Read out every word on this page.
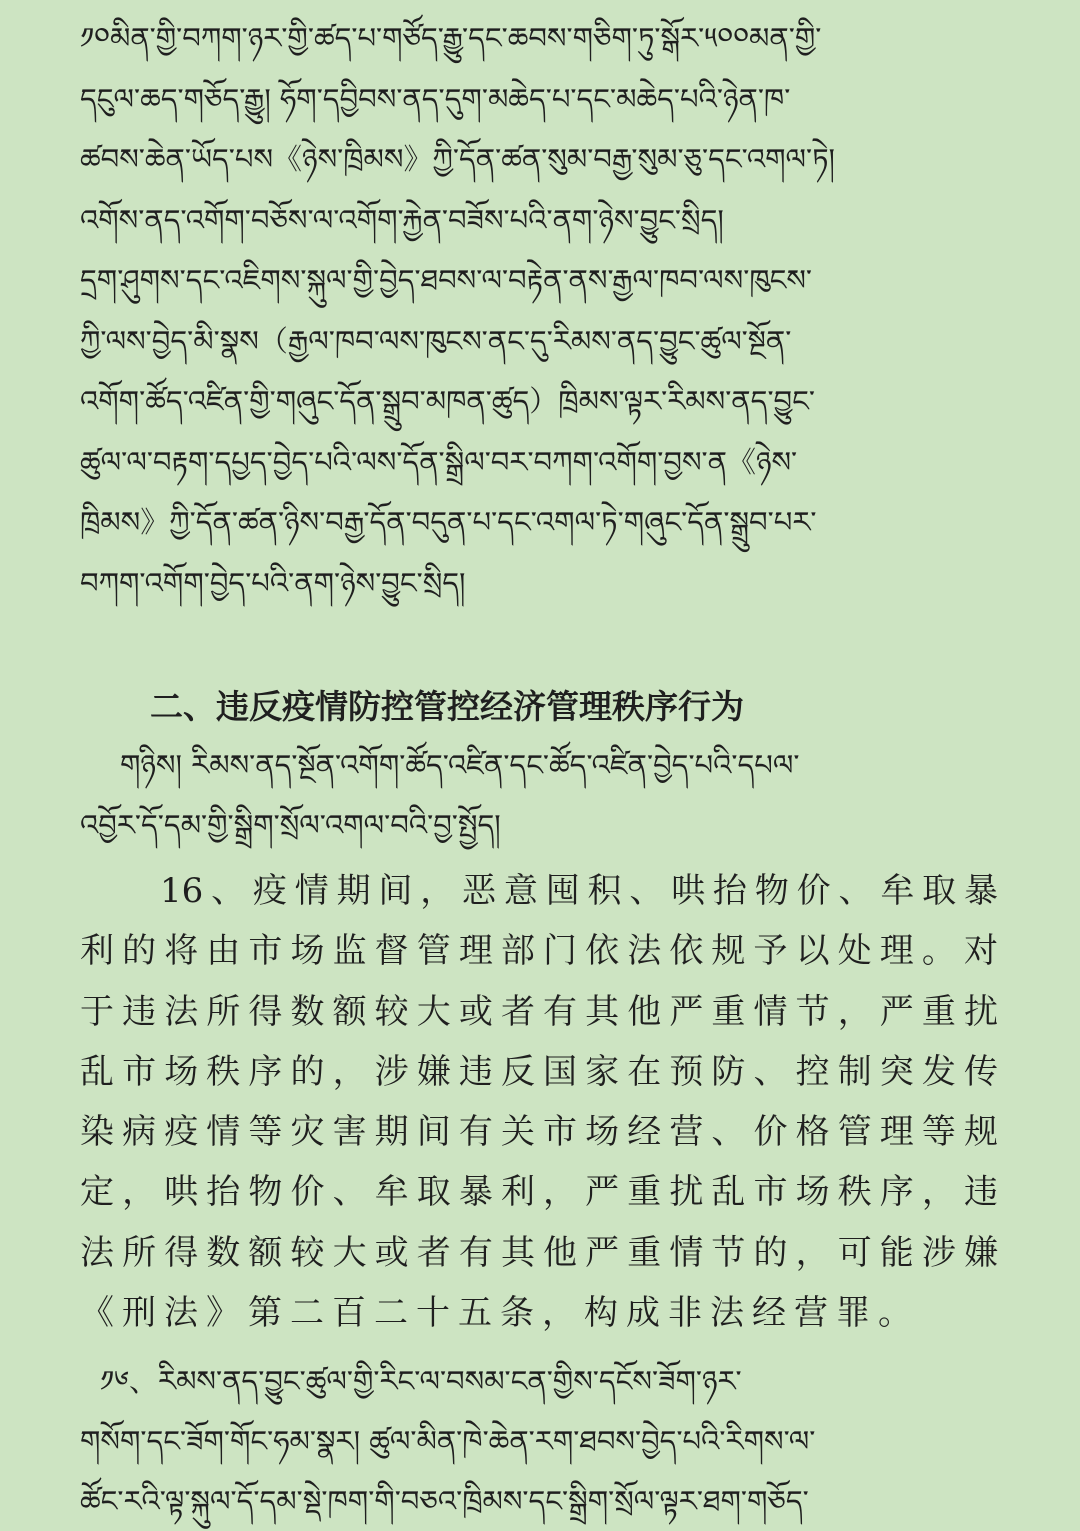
༡༠མིན་གྱི་བཀག་ཉར་གྱི་ཚད་པ་གཙོད་རྒྱུ་དང་ཆབས་གཅིག་ཏུ་སྒོར་༥༠༠མན་གྱི་

དངུལ་ཆད་གཅོད་རྒྱུ། ཧོག་དབྱིབས་ནད་དུག་མཆེད་པ་དང་མཆེད་པའི་ཉེན་ཁ་

ཚབས་ཆེན་ཡོད་པས《ཉེས་ཁྲིམས》ཀྱི་དོན་ཚན་སུམ་བརྒྱ་སུམ་ཅུ་དང་འགལ་ཏེ།

འགོས་ནད་འགོག་བཅོས་ལ་འགོག་རྐྱེན་བཟོས་པའི་ནག་ཉེས་བྱུང་སྲིད།

དྲག་ཤུགས་དང་འཇིགས་སྐུལ་གྱི་བྱེད་ཐབས་ལ་བརྟེན་ནས་རྒྱལ་ཁབ་ལས་ཁུངས་

ཀྱི་ལས་བྱེད་མི་སྣས（རྒྱལ་ཁབ་ལས་ཁུངས་ནང་དུ་རིམས་ནད་བྱུང་ཚུལ་སྔོན་

འགོག་ཚོད་འཛིན་གྱི་གཞུང་དོན་སྒྲུབ་མཁན་ཚུད）ཁྲིམས་ལྟར་རིམས་ནད་བྱུང་

ཚུལ་ལ་བརྟག་དཔྱད་བྱེད་པའི་ལས་དོན་སྒྲིལ་བར་བཀག་འགོག་བྱས་ན《ཉེས་

ཁྲིམས》ཀྱི་དོན་ཚན་ཉིས་བརྒྱ་དོན་བདུན་པ་དང་འགལ་ཏེ་གཞུང་དོན་སྒྲུབ་པར་

བཀག་འགོག་བྱེད་པའི་ནག་ཉེས་བྱུང་སྲིད།

二、违反疫情防控管控经济管理秩序行为

གཉིས། རིམས་ནད་སྔོན་འགོག་ཚོད་འཛིན་དང་ཚོད་འཛིན་བྱེད་པའི་དཔལ་

འབྱོར་དོ་དམ་གྱི་སྒྲིག་སྲོལ་འགལ་བའི་བྱ་སྤྱོད།

16、疫情期间，恶意囤积、哄抬物价、牟取暴

利的将由市场监督管理部门依法依规予以处理。对

于违法所得数额较大或者有其他严重情节，严重扰

乱市场秩序的，涉嫌违反国家在预防、控制突发传

染病疫情等灾害期间有关市场经营、价格管理等规

定，哄抬物价、牟取暴利，严重扰乱市场秩序，违

法所得数额较大或者有其他严重情节的，可能涉嫌

《刑法》第二百二十五条，构成非法经营罪。

༡༦、རིམས་ནད་བྱུང་ཚུལ་གྱི་རིང་ལ་བསམ་ངན་གྱིས་དངོས་ཟོག་ཉར་

གསོག་དང་ཟོག་གོང་ཧམ་སྣར། ཚུལ་མིན་ཁེ་ཆེན་རག་ཐབས་བྱེད་པའི་རིགས་ལ་

ཚོང་རའི་ལྟ་སྐུལ་དོ་དམ་སྡེ་ཁག་གི་བཅའ་ཁྲིམས་དང་སྒྲིག་སྲོལ་ལྟར་ཐག་གཅོད་
